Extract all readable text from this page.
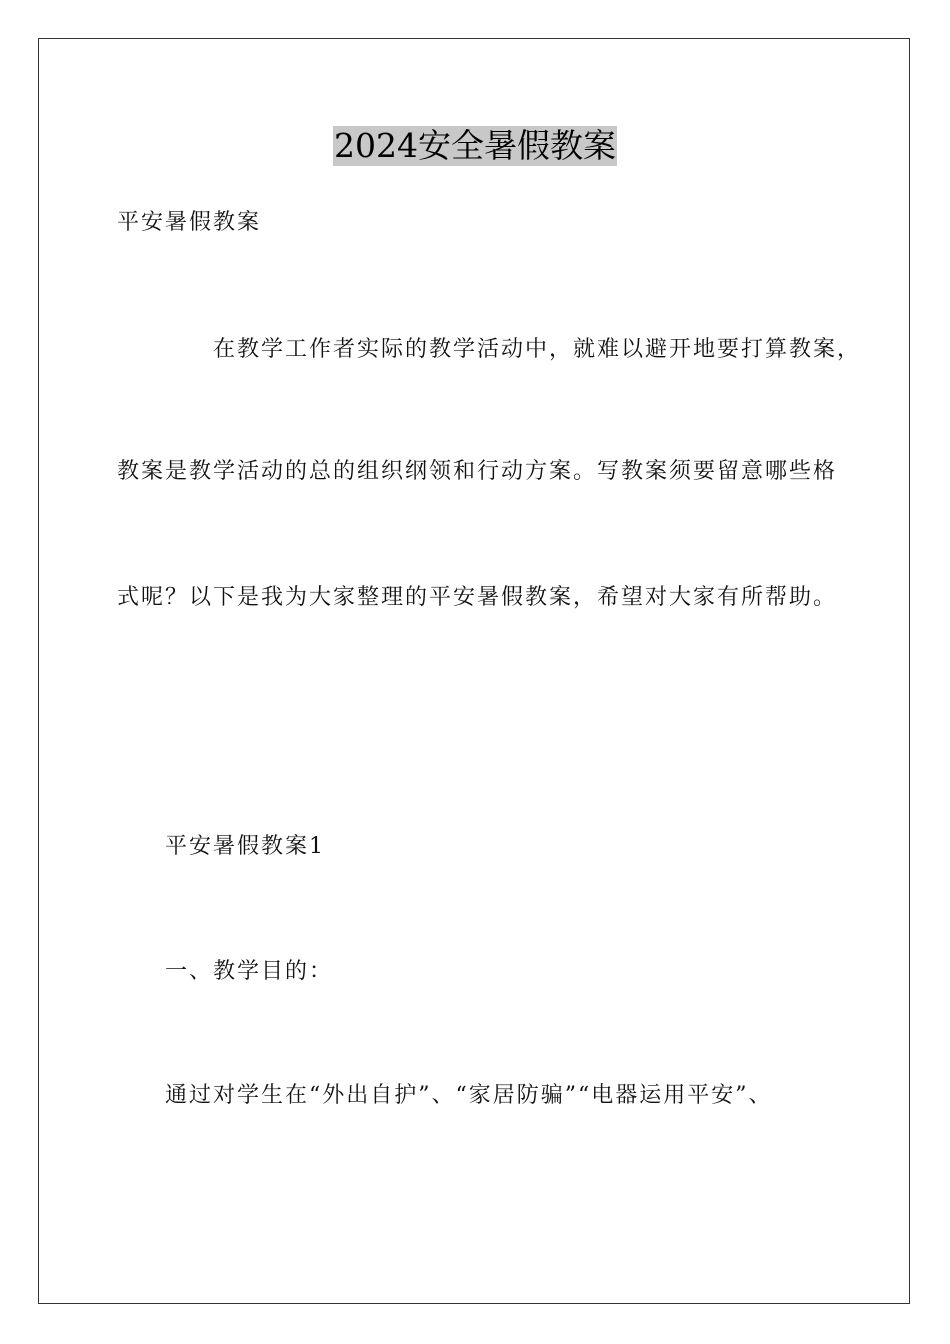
2024安全暑假教案
平安暑假教案
在教学工作者实际的教学活动中，就难以避开地要打算教案，
教案是教学活动的总的组织纲领和行动方案。写教案须要留意哪些格
式呢？以下是我为大家整理的平安暑假教案，希望对大家有所帮助。
平安暑假教案1
一、教学目的：
通过对学生在“外出自护”、“家居防骗”“电器运用平安”、
